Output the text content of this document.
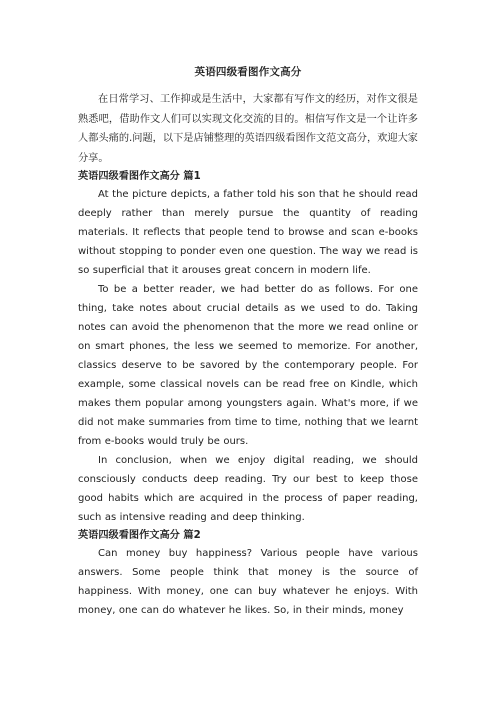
英语四级看图作文高分

在日常学习、工作抑或是生活中，大家都有写作文的经历，对作文很是熟悉吧，借助作文人们可以实现文化交流的目的。相信写作文是一个让许多人都头痛的.问题，以下是店铺整理的英语四级看图作文范文高分，欢迎大家分享。

英语四级看图作文高分 篇1

At the picture depicts, a father told his son that he should read deeply rather than merely pursue the quantity of reading materials. It reflects that people tend to browse and scan e-books without stopping to ponder even one question. The way we read is so superficial that it arouses great concern in modern life.

To be a better reader, we had better do as follows. For one thing, take notes about crucial details as we used to do. Taking notes can avoid the phenomenon that the more we read online or on smart phones, the less we seemed to memorize. For another, classics deserve to be savored by the contemporary people. For example, some classical novels can be read free on Kindle, which makes them popular among youngsters again. What's more, if we did not make summaries from time to time, nothing that we learnt from e-books would truly be ours.

In conclusion, when we enjoy digital reading, we should consciously conducts deep reading. Try our best to keep those good habits which are acquired in the process of paper reading, such as intensive reading and deep thinking.

英语四级看图作文高分 篇2

Can money buy happiness? Various people have various answers. Some people think that money is the source of happiness. With money, one can buy whatever he enjoys. With money, one can do whatever he likes. So, in their minds, money
